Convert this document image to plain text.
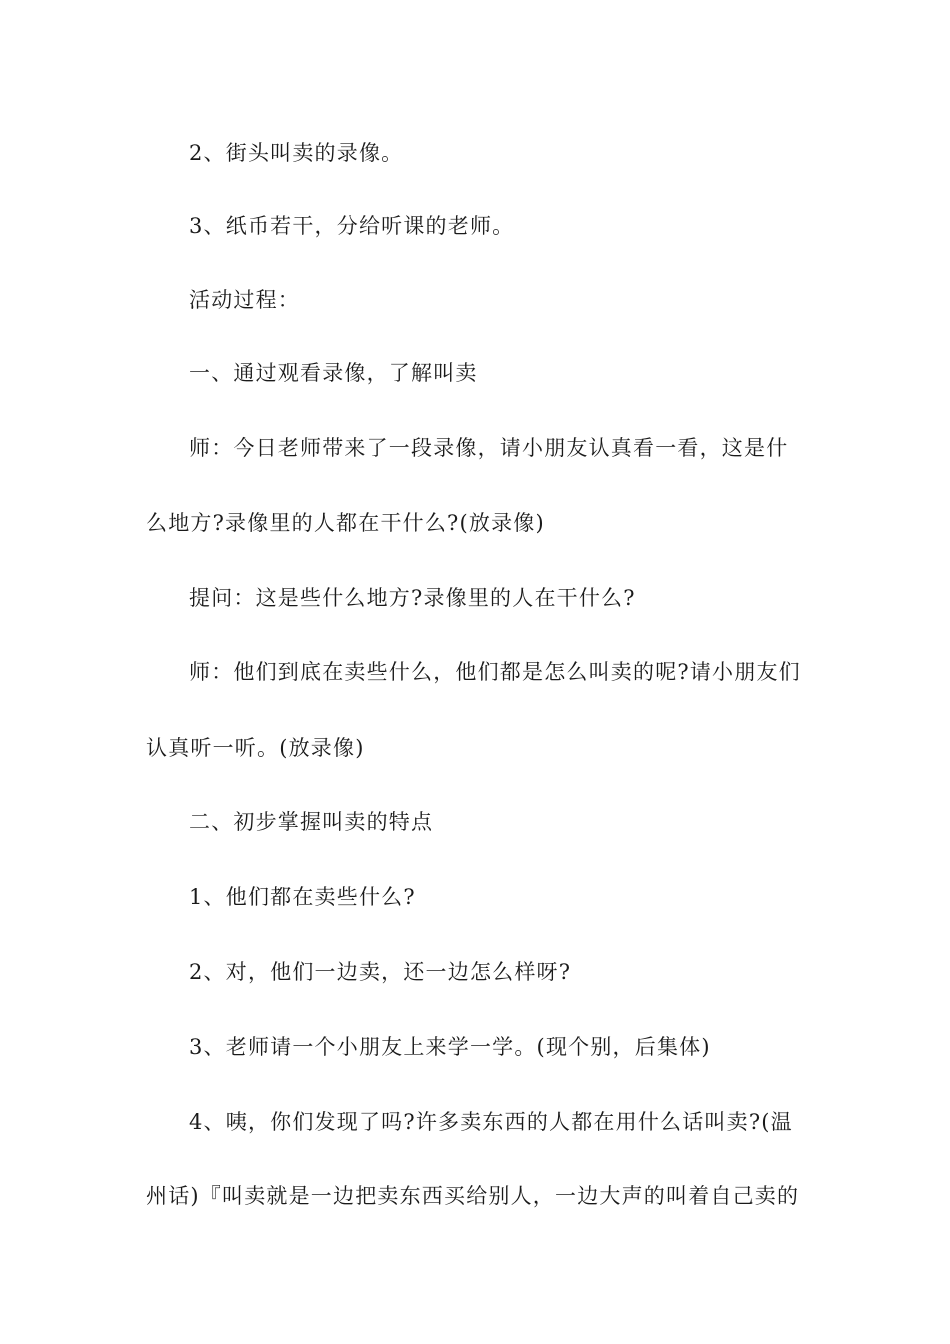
2、街头叫卖的录像。
3、纸币若干，分给听课的老师。
活动过程：
一、通过观看录像，了解叫卖
师：今日老师带来了一段录像，请小朋友认真看一看，这是什
么地方?录像里的人都在干什么?(放录像)
提问：这是些什么地方?录像里的人在干什么?
师：他们到底在卖些什么，他们都是怎么叫卖的呢?请小朋友们
认真听一听。(放录像)
二、初步掌握叫卖的特点
1、他们都在卖些什么?
2、对，他们一边卖，还一边怎么样呀?
3、老师请一个小朋友上来学一学。(现个别，后集体)
4、咦，你们发现了吗?许多卖东西的人都在用什么话叫卖?(温
州话)『叫卖就是一边把卖东西买给别人，一边大声的叫着自己卖的
